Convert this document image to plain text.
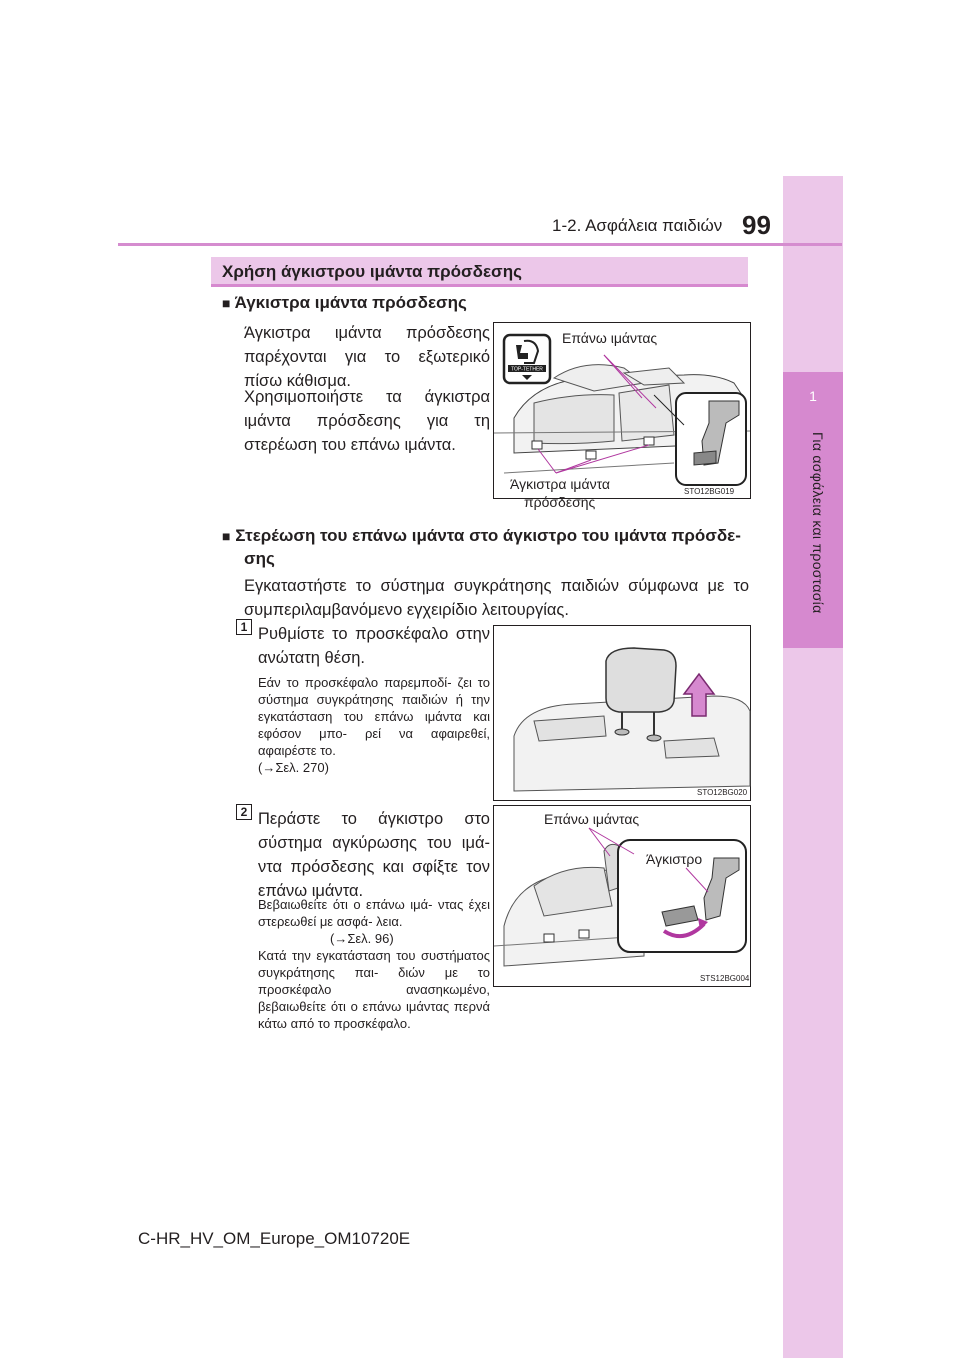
1
Για ασφάλεια και προστασία
1-2. Ασφάλεια παιδιών 99
Χρήση άγκιστρου ιμάντα πρόσδεσης
■ Άγκιστρα ιμάντα πρόσδεσης
Άγκιστρα ιμάντα πρόσδεσης παρέχονται για το εξωτερικό πίσω κάθισμα.
Χρησιμοποιήστε τα άγκιστρα ιμάντα πρόσδεσης για τη στερέωση του επάνω ιμάντα.
TOP-TETHER
Επάνω ιμάντας
Άγκιστρα ιμάντα
πρόσδεσης
STO12BG019
■ Στερέωση του επάνω ιμάντα στο άγκιστρο του ιμάντα πρόσδε-
σης
Εγκαταστήστε το σύστημα συγκράτησης παιδιών σύμφωνα με το συμπεριλαμβανόμενο εγχειρίδιο λειτουργίας.
1 Ρυθμίστε το προσκέφαλο στην ανώτατη θέση.
Εάν το προσκέφαλο παρεμποδί- ζει το σύστημα συγκράτησης παιδιών ή την εγκατάσταση του επάνω ιμάντα και εφόσον μπο- ρεί να αφαιρεθεί, αφαιρέστε το.
(→Σελ. 270)
STO12BG020
2 Περάστε το άγκιστρο στο σύστημα αγκύρωσης του ιμά- ντα πρόσδεσης και σφίξτε τον επάνω ιμάντα.
Βεβαιωθείτε ότι ο επάνω ιμά- ντας έχει στερεωθεί με ασφά- λεια.
(→Σελ. 96)
Κατά την εγκατάσταση του συστήματος συγκράτησης παι- διών με το προσκέφαλο ανασηκωμένο, βεβαιωθείτε ότι ο επάνω ιμάντας περνά κάτω από το προσκέφαλο.
Επάνω ιμάντας
Άγκιστρο
STS12BG004
C-HR_HV_OM_Europe_OM10720E
